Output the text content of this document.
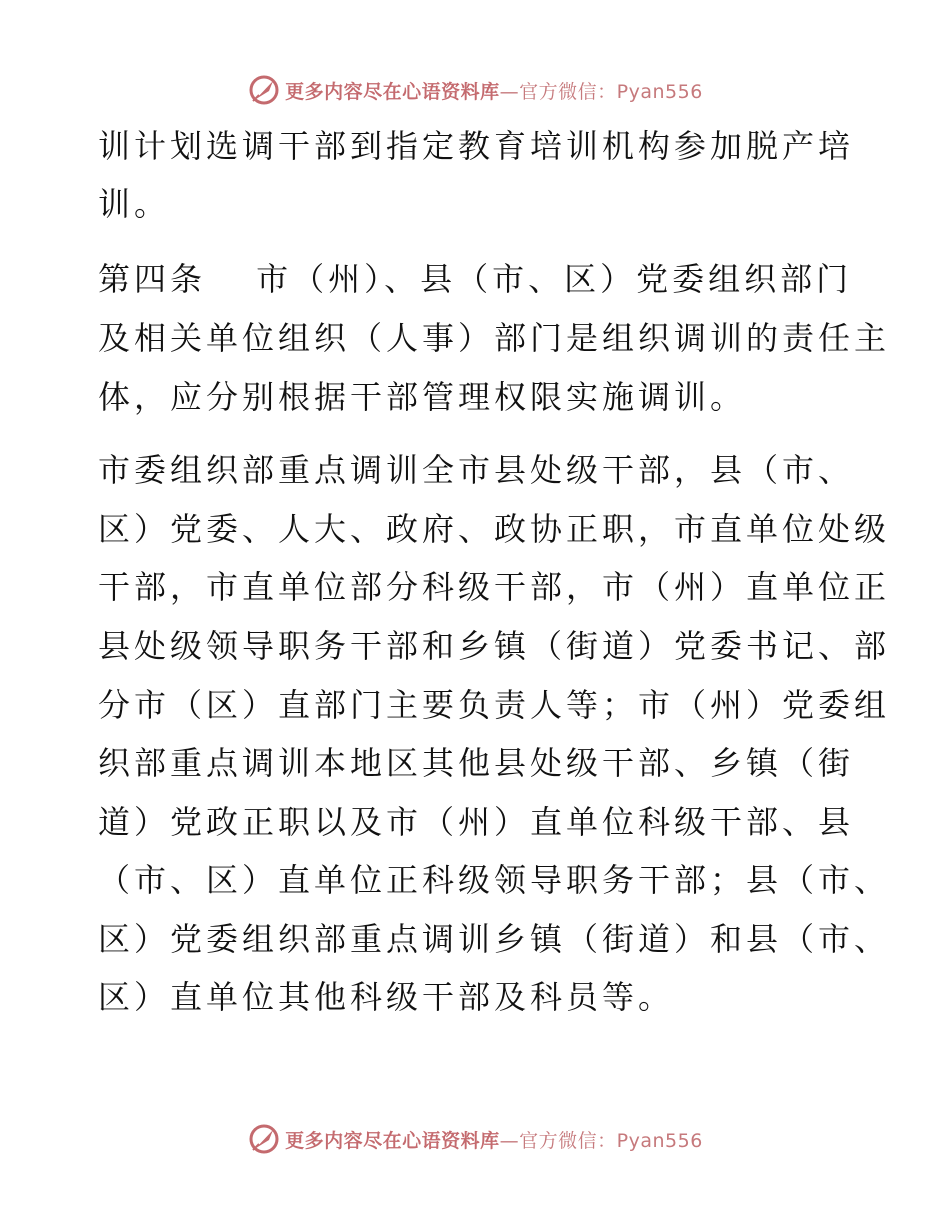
更多内容尽在心语资料库—官方微信：Pyan556
训计划选调干部到指定教育培训机构参加脱产培
训。
第四条 　市（州）、县（市、区）党委组织部门
及相关单位组织（人事）部门是组织调训的责任主
体，应分别根据干部管理权限实施调训。
市委组织部重点调训全市县处级干部，县（市、
区）党委、人大、政府、政协正职，市直单位处级
干部，市直单位部分科级干部，市（州）直单位正
县处级领导职务干部和乡镇（街道）党委书记、部
分市（区）直部门主要负责人等；市（州）党委组
织部重点调训本地区其他县处级干部、乡镇（街
道）党政正职以及市（州）直单位科级干部、县
（市、区）直单位正科级领导职务干部；县（市、
区）党委组织部重点调训乡镇（街道）和县（市、
区）直单位其他科级干部及科员等。
更多内容尽在心语资料库—官方微信：Pyan556
